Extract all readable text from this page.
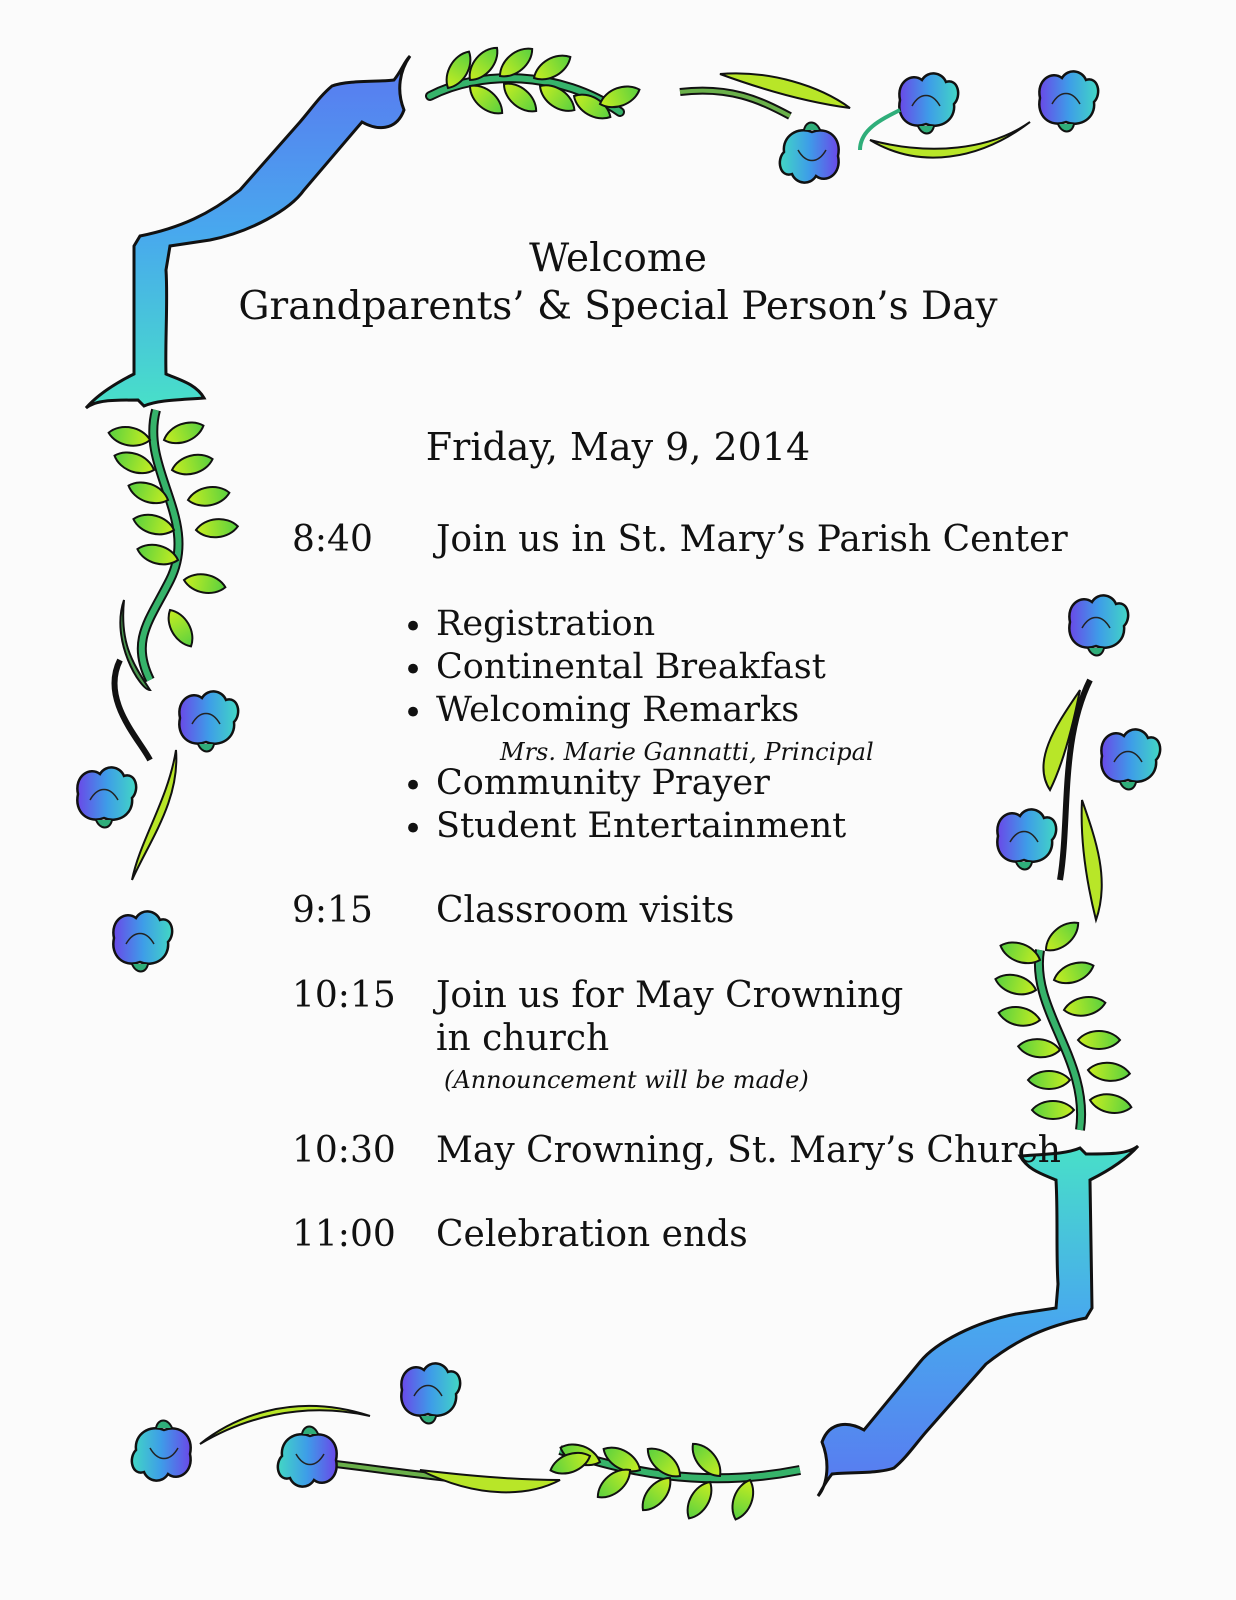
Welcome
Grandparents’ & Special Person’s Day
Friday, May 9, 2014
8:40 Join us in St. Mary’s Parish Center
• Registration
• Continental Breakfast
• Welcoming Remarks
Mrs. Marie Gannatti, Principal
• Community Prayer
• Student Entertainment
9:15 Classroom visits
10:15 Join us for May Crowning
in church
(Announcement will be made)
10:30 May Crowning, St. Mary’s Church
11:00 Celebration ends
